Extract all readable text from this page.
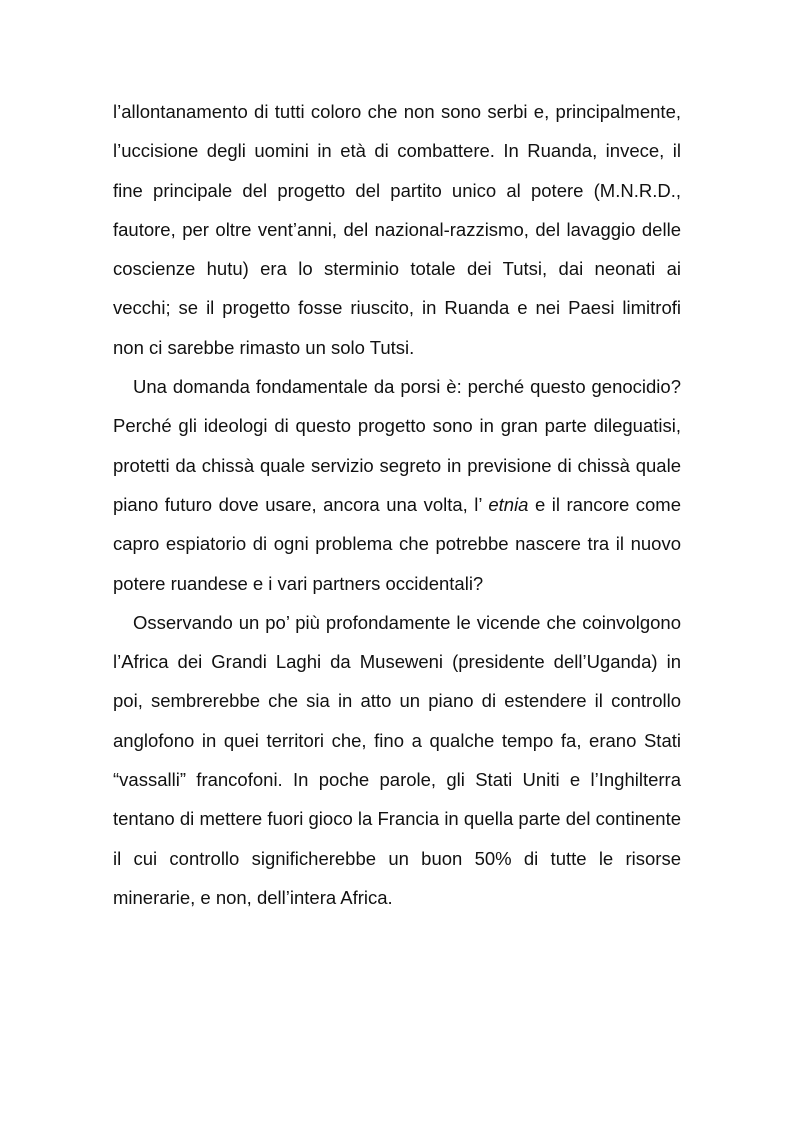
l’allontanamento di tutti coloro che non sono serbi e, principalmente, l’uccisione degli uomini in età di combattere. In Ruanda, invece, il fine principale del progetto del partito unico al potere (M.N.R.D., fautore, per oltre vent’anni, del nazional-razzismo, del lavaggio delle coscienze hutu) era lo sterminio totale dei Tutsi, dai neonati ai vecchi; se il progetto fosse riuscito, in Ruanda e nei Paesi limitrofi non ci sarebbe rimasto un solo Tutsi.

Una domanda fondamentale da porsi è: perché questo genocidio? Perché gli ideologi di questo progetto sono in gran parte dileguatisi, protetti da chissà quale servizio segreto in previsione di chissà quale piano futuro dove usare, ancora una volta, l’ etnia e il rancore come capro espiatorio di ogni problema che potrebbe nascere tra il nuovo potere ruandese e i vari partners occidentali?

Osservando un po’ più profondamente le vicende che coinvolgono l’Africa dei Grandi Laghi da Museweni (presidente dell’Uganda) in poi, sembrerebbe che sia in atto un piano di estendere il controllo anglofono in quei territori che, fino a qualche tempo fa, erano Stati “vassalli” francofoni. In poche parole, gli Stati Uniti e l’Inghilterra tentano di mettere fuori gioco la Francia in quella parte del continente il cui controllo significherebbe un buon 50% di tutte le risorse minerarie, e non, dell’intera Africa.
